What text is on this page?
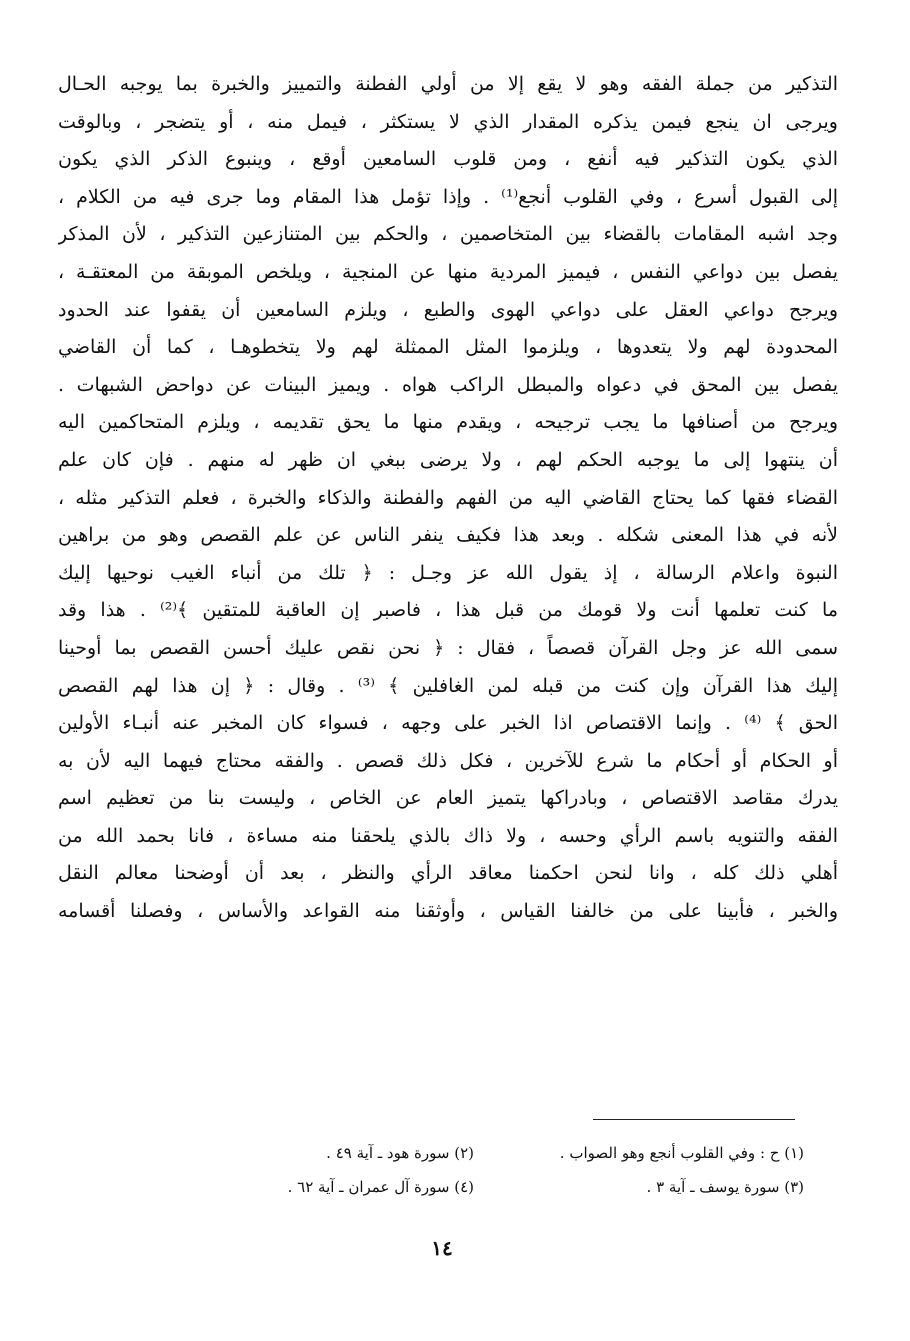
التذكير من جملة الفقه وهو لا يقع إلا من أولي الفطنة والتمييز والخبرة بما يوجبه الحـال
ويرجى ان ينجع فيمن يذكره المقدار الذي لا يستكثر ، فيمل منه ، أو يتضجر ، وبالوقت
الذي يكون التذكير فيه أنفع ، ومن قلوب السامعين أوقع ، وينبوع الذكر الذي يكون
إلى القبول أسرع ، وفي القلوب أنجع⁽¹⁾ . وإذا تؤمل هذا المقام وما جرى فيه من الكلام ،
وجد اشبه المقامات بالقضاء بين المتخاصمين ، والحكم بين المتنازعين التذكير ، لأن المذكر
يفصل بين دواعي النفس ، فيميز المردية منها عن المنجية ، ويلخص الموبقة من المعتقـة ،
ويرجح دواعي العقل على دواعي الهوى والطبع ، ويلزم السامعين أن يقفوا عند الحدود
المحدودة لهم ولا يتعدوها ، ويلزموا المثل الممثلة لهم ولا يتخطوهـا ، كما أن القاضي
يفصل بين المحق في دعواه والمبطل الراكب هواه . ويميز البينات عن دواحض الشبهات .
ويرجح من أصنافها ما يجب ترجيحه ، ويقدم منها ما يحق تقديمه ، ويلزم المتحاكمين اليه
أن ينتهوا إلى ما يوجبه الحكم لهم ، ولا يرضى ببغي ان ظهر له منهم . فإن كان علم
القضاء فقها كما يحتاج القاضي اليه من الفهم والفطنة والذكاء والخبرة ، فعلم التذكير مثله ،
لأنه في هذا المعنى شكله . وبعد هذا فكيف ينفر الناس عن علم القصص وهو من براهين
النبوة واعلام الرسالة ، إذ يقول الله عز وجـل : ﴿ تلك من أنباء الغيب نوحيها إليك
ما كنت تعلمها أنت ولا قومك من قبل هذا ، فاصبر إن العاقبة للمتقين ﴾⁽²⁾ . هذا وقد
سمى الله عز وجل القرآن قصصاً ، فقال : ﴿ نحن نقص عليك أحسن القصص بما أوحينا
إليك هذا القرآن وإن كنت من قبله لمن الغافلين ﴾ ⁽³⁾ . وقال : ﴿ إن هذا لهم القصص
الحق ﴾ ⁽⁴⁾ . وإنما الاقتصاص اذا الخبر على وجهه ، فسواء كان المخبر عنه أنبـاء الأولين
أو الحكام أو أحكام ما شرع للآخرين ، فكل ذلك قصص . والفقه محتاج فيهما اليه لأن به
يدرك مقاصد الاقتصاص ، وبادراكها يتميز العام عن الخاص ، وليست بنا من تعظيم اسم
الفقه والتنويه باسم الرأي وحسه ، ولا ذاك بالذي يلحقنا منه مساءة ، فانا بحمد الله من
أهلي ذلك كله ، وانا لنحن احكمنا معاقد الرأي والنظر ، بعد أن أوضحنا معالم النقل
والخبر ، فأبينا على من خالفنا القياس ، وأوثقنا منه القواعد والأساس ، وفصلنا أقسامه
(١) ح : وفي القلوب أنجع وهو الصواب .
(٢) سورة هود ـ آية ٤٩ .
(٣) سورة يوسف ـ آية ٣ .
(٤) سورة آل عمران ـ آية ٦٢ .
١٤
